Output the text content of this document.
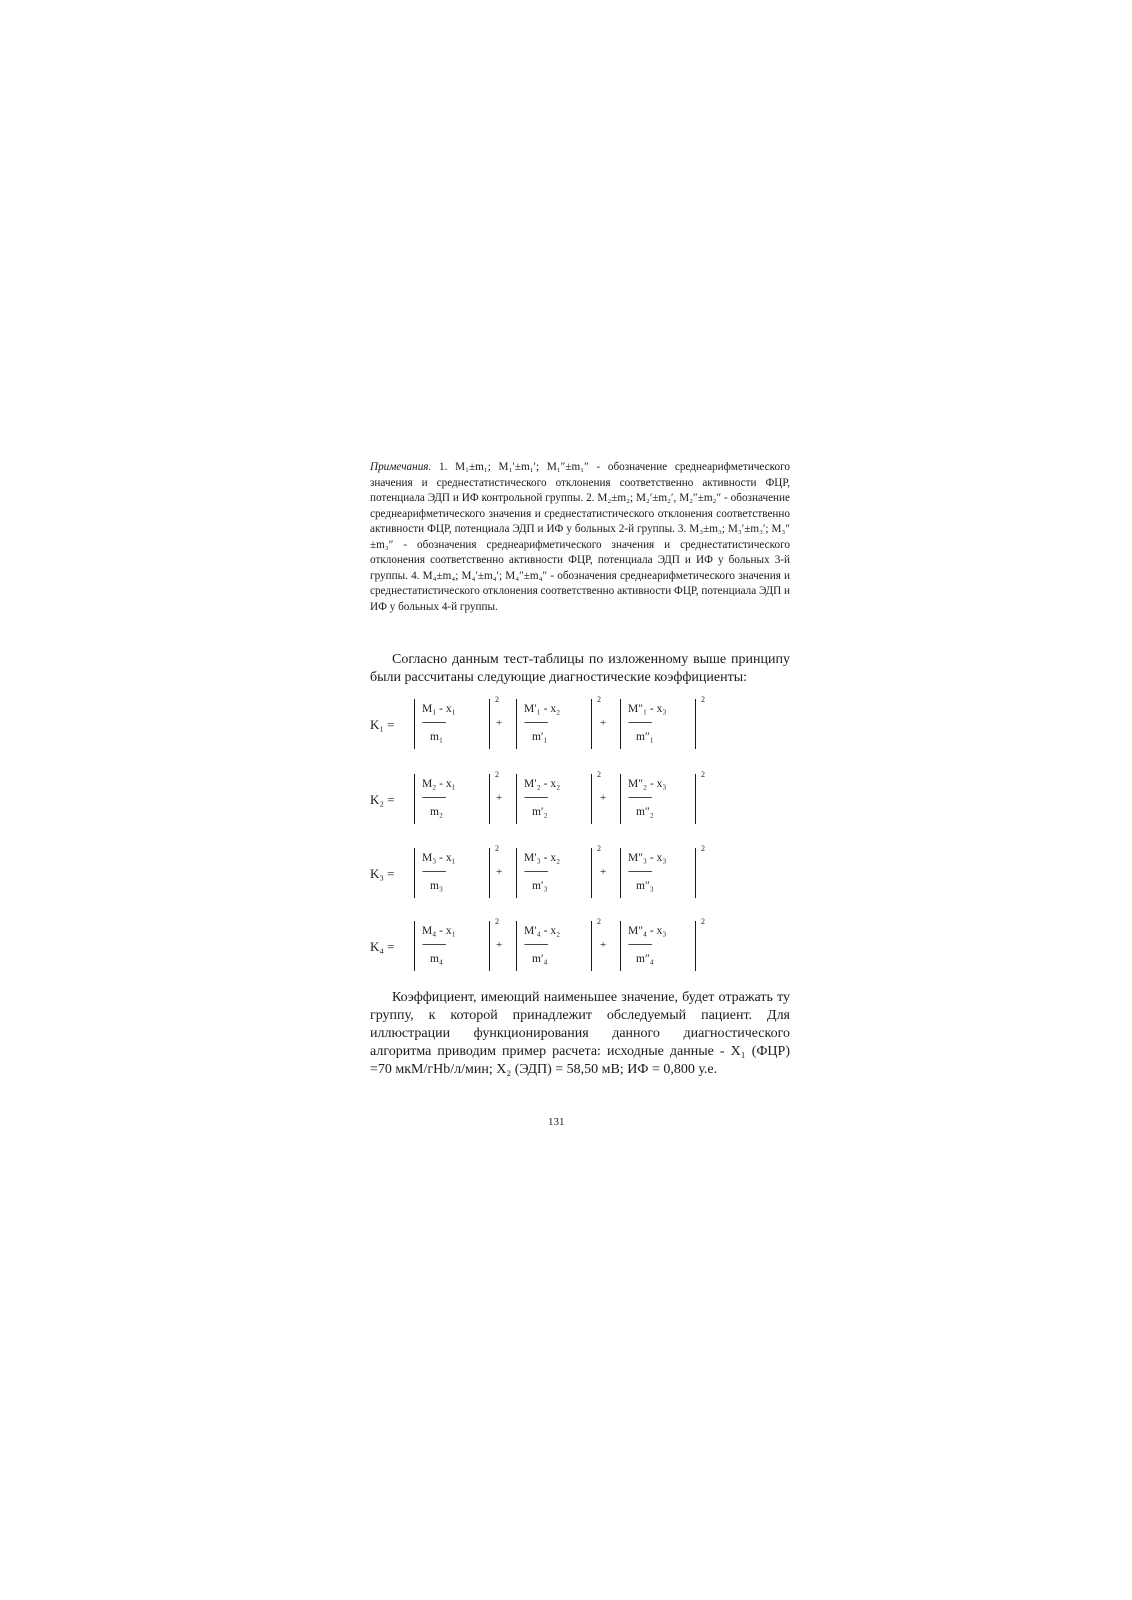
Примечания. 1. M₁±m₁; M₁′±m₁′; M₁″±m₁″ - обозначение среднеарифметического значения и среднестатистического отклонения соответственно активности ФЦР, потенциала ЭДП и ИФ контрольной группы. 2. M₂±m₂; M₂′±m₂′, M₂″±m₂″ - обозначение среднеарифметического значения и среднестатистического отклонения соответственно активности ФЦР, потенциала ЭДП и ИФ у больных 2-й группы. 3. M₃±m₃; M₃′±m₃′; M₃″±m₃″ - обозначения среднеарифметического значения и среднестатистического отклонения соответственно активности ФЦР, потенциала ЭДП и ИФ у больных 3-й группы. 4. M₄±m₄; M₄′±m₄′; M₄″±m₄″ - обозначения среднеарифметического значения и среднестатистического отклонения соответственно активности ФЦР, потенциала ЭДП и ИФ у больных 4-й группы.
Согласно данным тест-таблицы по изложенному выше принципу были рассчитаны следующие диагностические коэффициенты:
K₁ =
M₁ - x₁
----------
m₁
2
+
M′₁ - x₂
----------
m′₁
2
+
M″₁ - x₃
----------
m″₁
2
K₂ =
M₂ - x₁
----------
m₂
2
+
M′₂ - x₂
----------
m′₂
2
+
M″₂ - x₃
----------
m″₂
2
K₃ =
M₃ - x₁
----------
m₃
2
+
M′₃ - x₂
----------
m′₃
2
+
M″₃ - x₃
----------
m″₃
2
K₄ =
M₄ - x₁
----------
m₄
2
+
M′₄ - x₂
----------
m′₄
2
+
M″₄ - x₃
----------
m″₄
2
Коэффициент, имеющий наименьшее значение, будет отражать ту группу, к которой принадлежит обследуемый пациент. Для иллюстрации функционирования данного диагностического алгоритма приводим пример расчета: исходные данные - X₁ (ФЦР) =70 мкМ/гHb/л/мин; X₂ (ЭДП) = 58,50 мВ; ИФ = 0,800 у.е.
131
